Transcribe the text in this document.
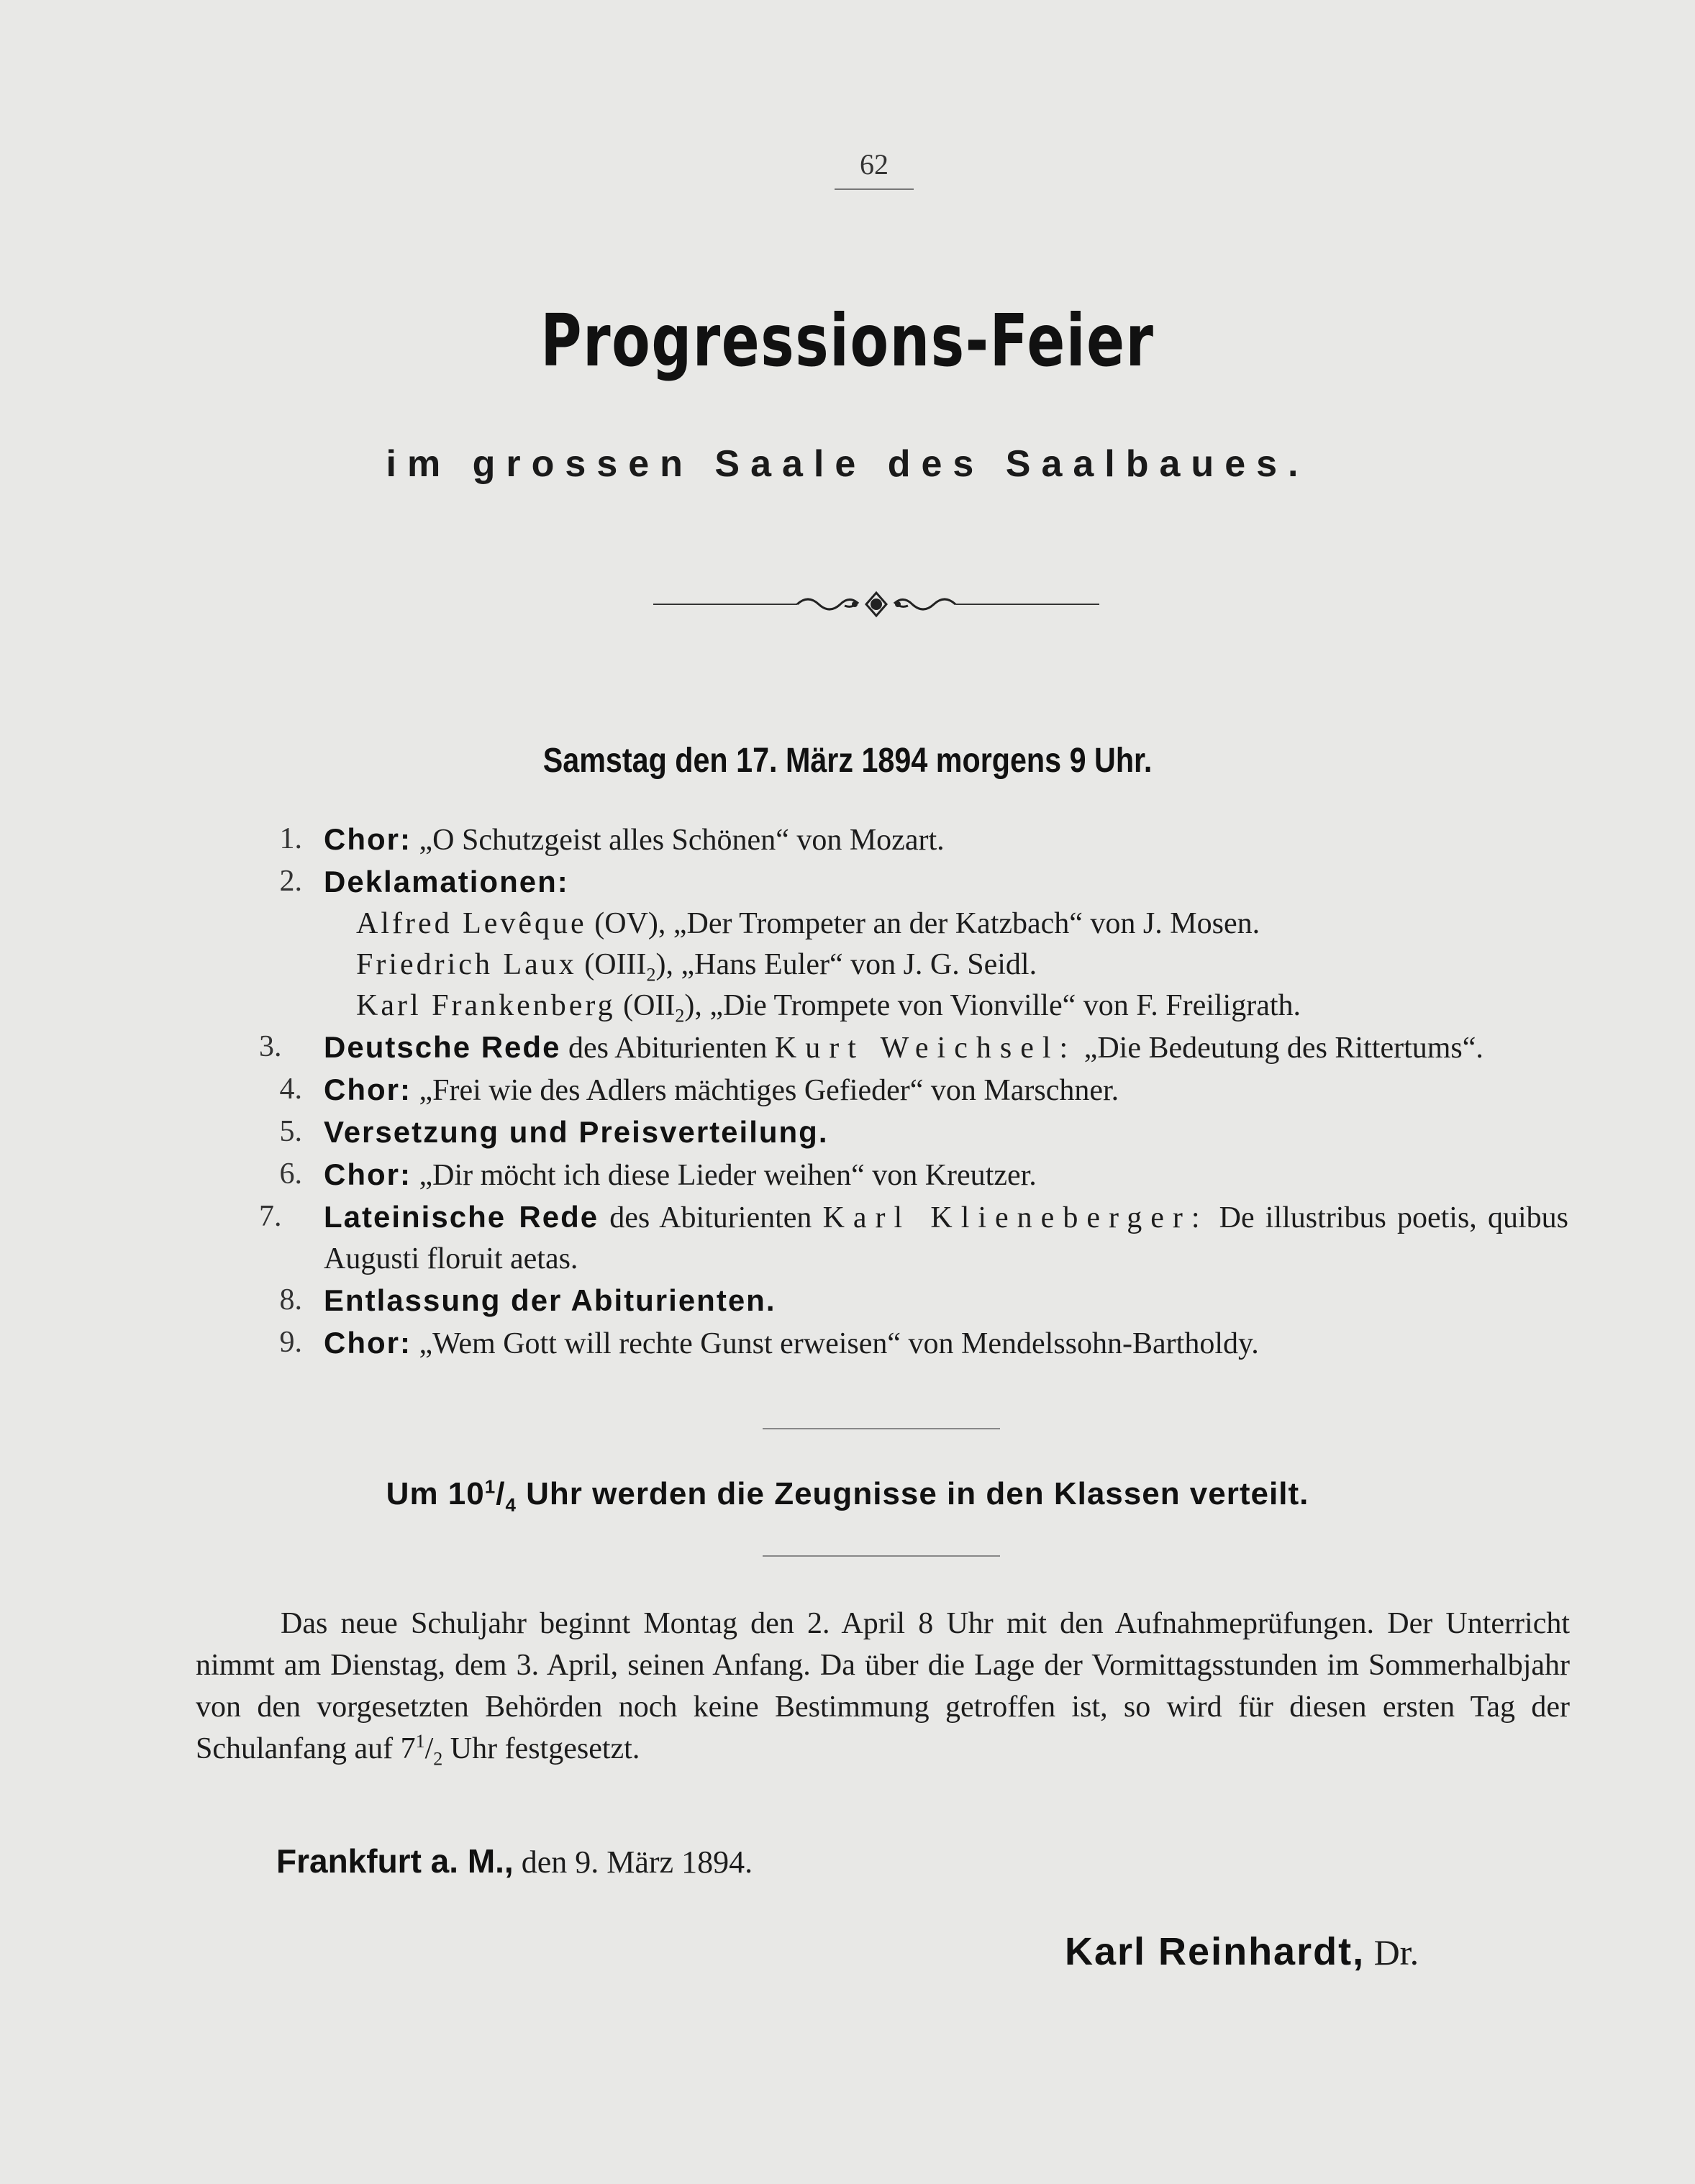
62
Progressions-Feier
im grossen Saale des Saalbaues.
Samstag den 17. März 1894 morgens 9 Uhr.
1. Chor: „O Schutzgeist alles Schönen“ von Mozart.
2. Deklamationen:
Alfred Levêque (OV), „Der Trompeter an der Katzbach“ von J. Mosen.
Friedrich Laux $(OIII_2)$, „Hans Euler“ von J. G. Seidl.
Karl Frankenberg $(OII_2)$, „Die Trompete von Vionville“ von F. Freiligrath.
3.	Deutsche Rede des Abiturienten Kurt Weichsel: „Die Bedeutung des Rittertums“.
4. Chor: „Frei wie des Adlers mächtiges Gefieder“ von Marschner.
5. Versetzung und Preisverteilung.
6. Chor: „Dir möcht ich diese Lieder weihen“ von Kreutzer.
7.	Lateinische Rede des Abiturienten Karl Klieneberger: De illustribus poetis, quibus Augusti floruit aetas.
8. Entlassung der Abiturienten.
9. Chor: „Wem Gott will rechte Gunst erweisen“ von Mendelssohn-Bartholdy.
Um $10^1/_4$ Uhr werden die Zeugnisse in den Klassen verteilt.
Das neue Schuljahr beginnt Montag den 2. April 8 Uhr mit den Aufnahmeprüfungen. Der Unterricht nimmt am Dienstag, dem 3. April, seinen Anfang. Da über die Lage der Vormittagsstunden im Sommerhalbjahr von den vorgesetzten Behörden noch keine Bestimmung getroffen ist, so wird für diesen ersten Tag der Schulanfang auf $7^1/_2$ Uhr festgesetzt.
Frankfurt a. M., den 9. März 1894.
Karl Reinhardt, Dr.
